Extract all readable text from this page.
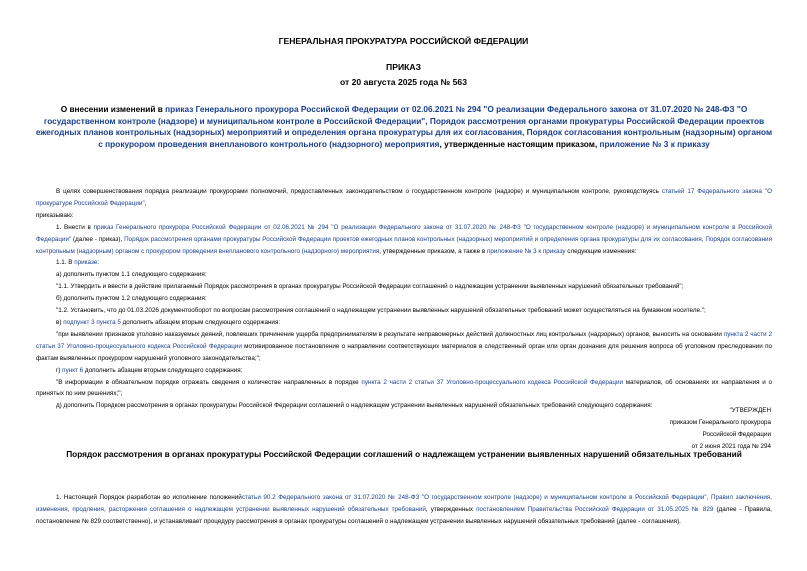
ГЕНЕРАЛЬНАЯ ПРОКУРАТУРА РОССИЙСКОЙ ФЕДЕРАЦИИ
ПРИКАЗ
от 20 августа 2025 года № 563
О внесении изменений в приказ Генерального прокурора Российской Федерации от 02.06.2021 № 294 "О реализации Федерального закона от 31.07.2020 № 248-ФЗ "О государственном контроле (надзоре) и муниципальном контроле в Российской Федерации", Порядок рассмотрения органами прокуратуры Российской Федерации проектов ежегодных планов контрольных (надзорных) мероприятий и определения органа прокуратуры для их согласования, Порядок согласования контрольным (надзорным) органом с прокурором проведения внепланового контрольного (надзорного) мероприятия, утвержденные настоящим приказом, приложение № 3 к приказу

В целях совершенствования порядка реализации прокурорами полномочий, предоставленных законодательством о государственном контроле (надзоре) и муниципальном контроле, руководствуясь статьей 17 Федерального закона "О прокуратуре Российской Федерации",

приказываю:

1. Внести в приказ Генерального прокурора Российской Федерации от 02.06.2021 № 294 "О реализации Федерального закона от 31.07.2020 № 248-ФЗ "О государственном контроле (надзоре) и муниципальном контроле в Российской Федерации" (далее - приказ), Порядок рассмотрения органами прокуратуры Российской Федерации проектов ежегодных планов контрольных (надзорных) мероприятий и определения органа прокуратуры для их согласования, Порядок согласования контрольным (надзорным) органом с прокурором проведения внепланового контрольного (надзорного) мероприятия, утвержденные приказом, а также в приложение № 3 к приказу следующие изменения:

1.1. В приказе:

а) дополнить пунктом 1.1 следующего содержания:

"1.1. Утвердить и ввести в действие прилагаемый Порядок рассмотрения в органах прокуратуры Российской Федерации соглашений о надлежащем устранении выявленных нарушений обязательных требований";

б) дополнить пунктом 1.2 следующего содержания:

"1.2. Установить, что до 01.03.2026 документооборот по вопросам рассмотрения соглашений о надлежащем устранении выявленных нарушений обязательных требований может осуществляться на бумажном носителе.";

в) подпункт 3 пункта 5 дополнить абзацем вторым следующего содержания:

"при выявлении признаков уголовно наказуемых деяний, повлекших причинение ущерба предпринимателям в результате неправомерных действий должностных лиц контрольных (надзорных) органов, выносить на основании пункта 2 части 2 статьи 37 Уголовно-процессуального кодекса Российской Федерации мотивированное постановление о направлении соответствующих материалов в следственный орган или орган дознания для решения вопроса об уголовном преследовании по фактам выявленных прокурором нарушений уголовного законодательства;";

г) пункт 6 дополнить абзацем вторым следующего содержания:

"В информации в обязательном порядке отражать сведения о количестве направленных в порядке пункта 2 части 2 статьи 37 Уголовно-процессуального кодекса Российской Федерации материалов, об основаниях их направления и о принятых по ним решениях;";

д) дополнить Порядком рассмотрения в органах прокуратуры Российской Федерации соглашений о надлежащем устранении выявленных нарушений обязательных требований следующего содержания:

"УТВЕРЖДЕН
приказом Генерального прокурора
Российской Федерации
от 2 июня 2021 года № 294
Порядок рассмотрения в органах прокуратуры Российской Федерации соглашений о надлежащем устранении выявленных нарушений обязательных требований

1. Настоящий Порядок разработан во исполнение положенийстатьи 90.2 Федерального закона от 31.07.2020 № 248-ФЗ "О государственном контроле (надзоре) и муниципальном контроле в Российской Федерации", Правил заключения, изменения, продления, расторжения соглашения о надлежащем устранении выявленных нарушений обязательных требований, утвержденных постановлением Правительства Российской Федерации от 31.05.2025 № 829 (далее - Правила, постановление № 829 соответственно), и устанавливает процедуру рассмотрения в органах прокуратуры соглашений о надлежащем устранении выявленных нарушений обязательных требований (далее - соглашения).
